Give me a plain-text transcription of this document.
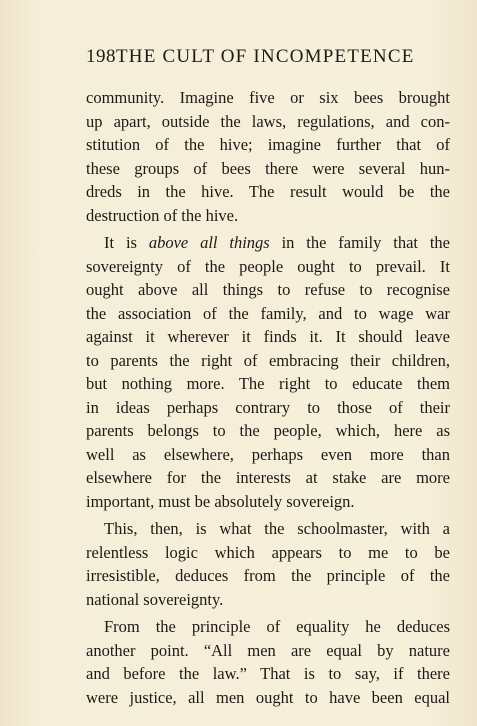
198 THE CULT OF INCOMPETENCE
community. Imagine five or six bees brought
up apart, outside the laws, regulations, and con-
stitution of the hive; imagine further that of
these groups of bees there were several hun-
dreds in the hive. The result would be the
destruction of the hive.
It is above all things in the family that the
sovereignty of the people ought to prevail. It
ought above all things to refuse to recognise
the association of the family, and to wage war
against it wherever it finds it. It should leave
to parents the right of embracing their children,
but nothing more. The right to educate them
in ideas perhaps contrary to those of their
parents belongs to the people, which, here as
well as elsewhere, perhaps even more than
elsewhere for the interests at stake are more
important, must be absolutely sovereign.
This, then, is what the schoolmaster, with a
relentless logic which appears to me to be
irresistible, deduces from the principle of the
national sovereignty.
From the principle of equality he deduces
another point. “All men are equal by nature
and before the law.” That is to say, if there
were justice, all men ought to have been equal
